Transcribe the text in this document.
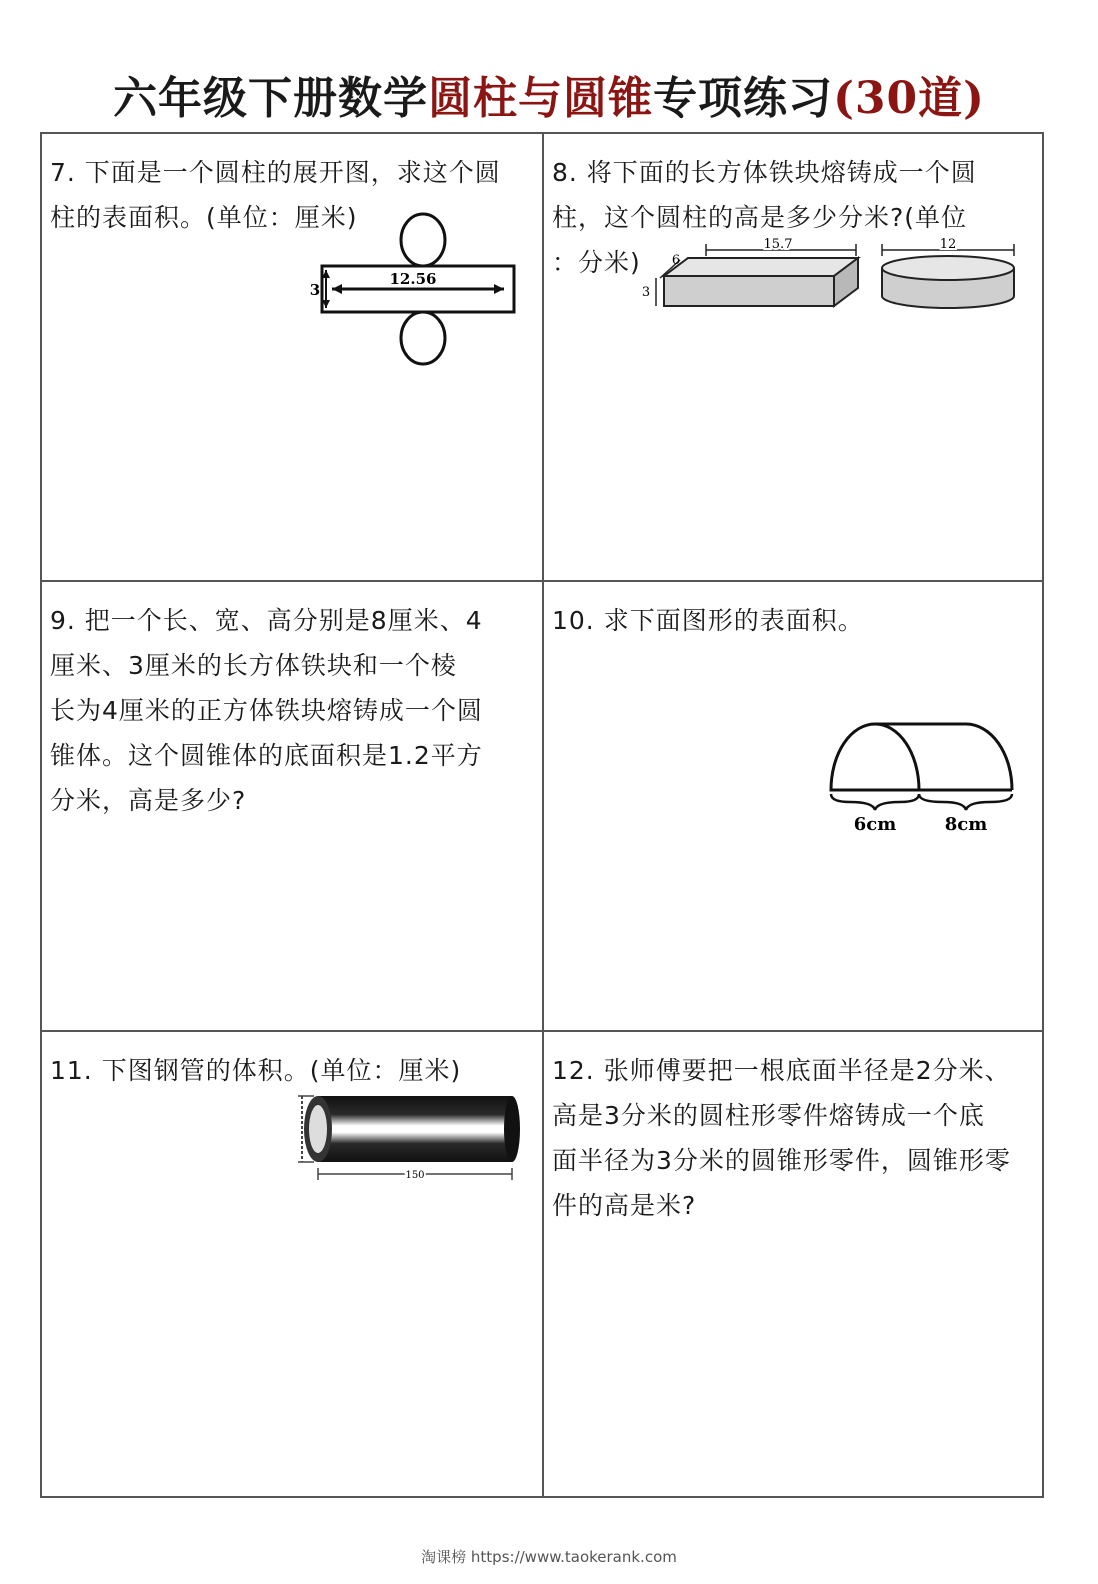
六年级下册数学圆柱与圆锥专项练习(30道)

7. 下面是一个圆柱的展开图，求这个圆

柱的表面积。(单位：厘米)

12.56
3

8. 将下面的长方体铁块熔铸成一个圆

柱，这个圆柱的高是多少分米?(单位

：分米)	6
15.7
3
12

9. 把一个长、宽、高分别是8厘米、4

厘米、3厘米的长方体铁块和一个棱

长为4厘米的正方体铁块熔铸成一个圆

锥体。这个圆锥体的底面积是1.2平方

分米，高是多少?

10. 求下面图形的表面积。

6cm	8cm

11. 下图钢管的体积。(单位：厘米)

150

12. 张师傅要把一根底面半径是2分米、

高是3分米的圆柱形零件熔铸成一个底

面半径为3分米的圆锥形零件，圆锥形零

件的高是米?

淘课榜 https://www.taokerank.com
